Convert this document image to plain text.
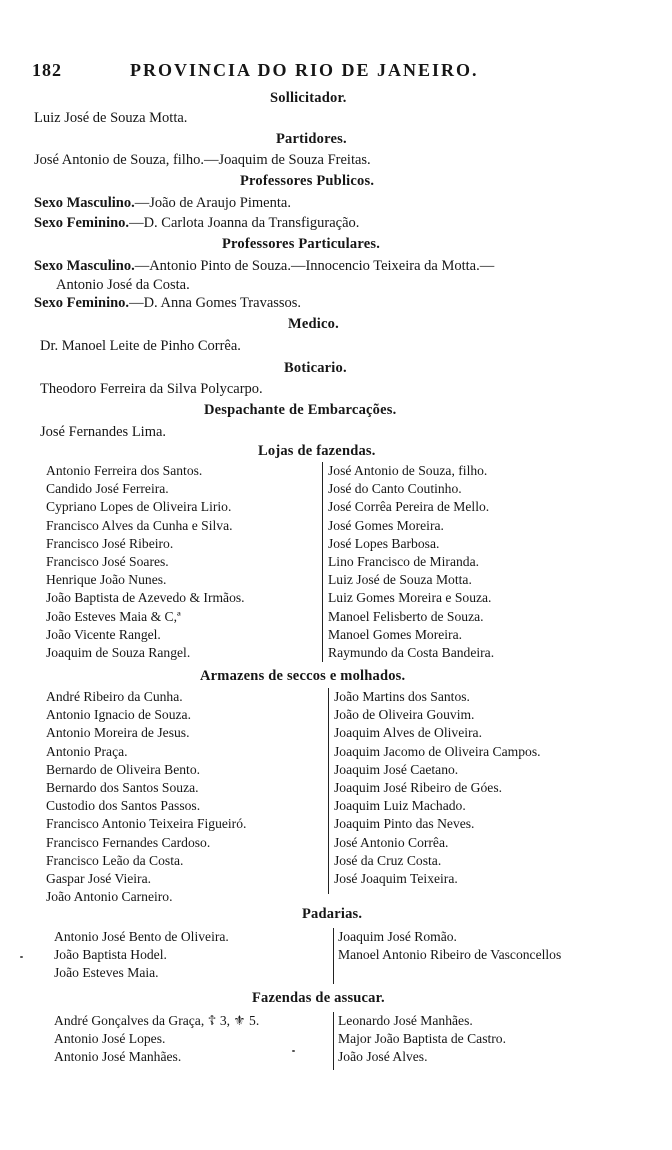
182	PROVINCIA DO RIO DE JANEIRO.
Sollicitador.
Luiz José de Souza Motta.
Partidores.
José Antonio de Souza, filho.—Joaquim de Souza Freitas.
Professores Publicos.
Sexo Masculino.—João de Araujo Pimenta.
Sexo Feminino.—D. Carlota Joanna da Transfiguração.
Professores Particulares.
Sexo Masculino.—Antonio Pinto de Souza.—Innocencio Teixeira da Motta.—
Antonio José da Costa.
Sexo Feminino.—D. Anna Gomes Travassos.
Medico.
Dr. Manoel Leite de Pinho Corrêa.
Boticario.
Theodoro Ferreira da Silva Polycarpo.
Despachante de Embarcações.
José Fernandes Lima.
Lojas de fazendas.
Antonio Ferreira dos Santos.
Candido José Ferreira.
Cypriano Lopes de Oliveira Lirio.
Francisco Alves da Cunha e Silva.
Francisco José Ribeiro.
Francisco José Soares.
Henrique João Nunes.
João Baptista de Azevedo & Irmãos.
João Esteves Maia & C,ª
João Vicente Rangel.
Joaquim de Souza Rangel.
José Antonio de Souza, filho.
José do Canto Coutinho.
José Corrêa Pereira de Mello.
José Gomes Moreira.
José Lopes Barbosa.
Lino Francisco de Miranda.
Luiz José de Souza Motta.
Luiz Gomes Moreira e Souza.
Manoel Felisberto de Souza.
Manoel Gomes Moreira.
Raymundo da Costa Bandeira.
Armazens de seccos e molhados.
André Ribeiro da Cunha.
Antonio Ignacio de Souza.
Antonio Moreira de Jesus.
Antonio Praça.
Bernardo de Oliveira Bento.
Bernardo dos Santos Souza.
Custodio dos Santos Passos.
Francisco Antonio Teixeira Figueiró.
Francisco Fernandes Cardoso.
Francisco Leão da Costa.
Gaspar José Vieira.
João Antonio Carneiro.
João Martins dos Santos.
João de Oliveira Gouvim.
Joaquim Alves de Oliveira.
Joaquim Jacomo de Oliveira Campos.
Joaquim José Caetano.
Joaquim José Ribeiro de Góes.
Joaquim Luiz Machado.
Joaquim Pinto das Neves.
José Antonio Corrêa.
José da Cruz Costa.
José Joaquim Teixeira.
Padarias.
Antonio José Bento de Oliveira.
João Baptista Hodel.
João Esteves Maia.
Joaquim José Romão.
Manoel Antonio Ribeiro de Vasconcellos
Fazendas de assucar.
André Gonçalves da Graça, ☦ 3, ⚜ 5.
Antonio José Lopes.
Antonio José Manhães.
Leonardo José Manhães.
Major João Baptista de Castro.
João José Alves.
